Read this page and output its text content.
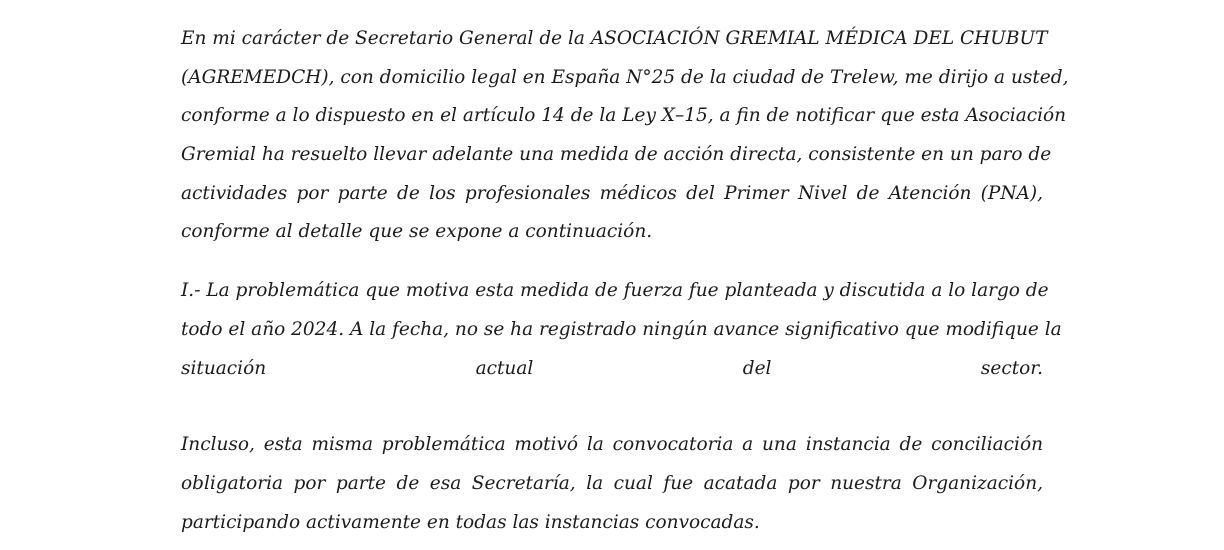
En mi carácter de Secretario General de la ASOCIACIÓN GREMIAL MÉDICA DEL CHUBUT
(AGREMEDCH), con domicilio legal en España N°25 de la ciudad de Trelew, me dirijo a usted,
conforme a lo dispuesto en el artículo 14 de la Ley X–15, a fin de notificar que esta Asociación
Gremial ha resuelto llevar adelante una medida de acción directa, consistente en un paro de
actividades por parte de los profesionales médicos del Primer Nivel de Atención (PNA),
conforme al detalle que se expone a continuación.
I.- La problemática que motiva esta medida de fuerza fue planteada y discutida a lo largo de
todo el año 2024. A la fecha, no se ha registrado ningún avance significativo que modifique la
situación actual del sector.
Incluso, esta misma problemática motivó la convocatoria a una instancia de conciliación
obligatoria por parte de esa Secretaría, la cual fue acatada por nuestra Organización,
participando activamente en todas las instancias convocadas.
